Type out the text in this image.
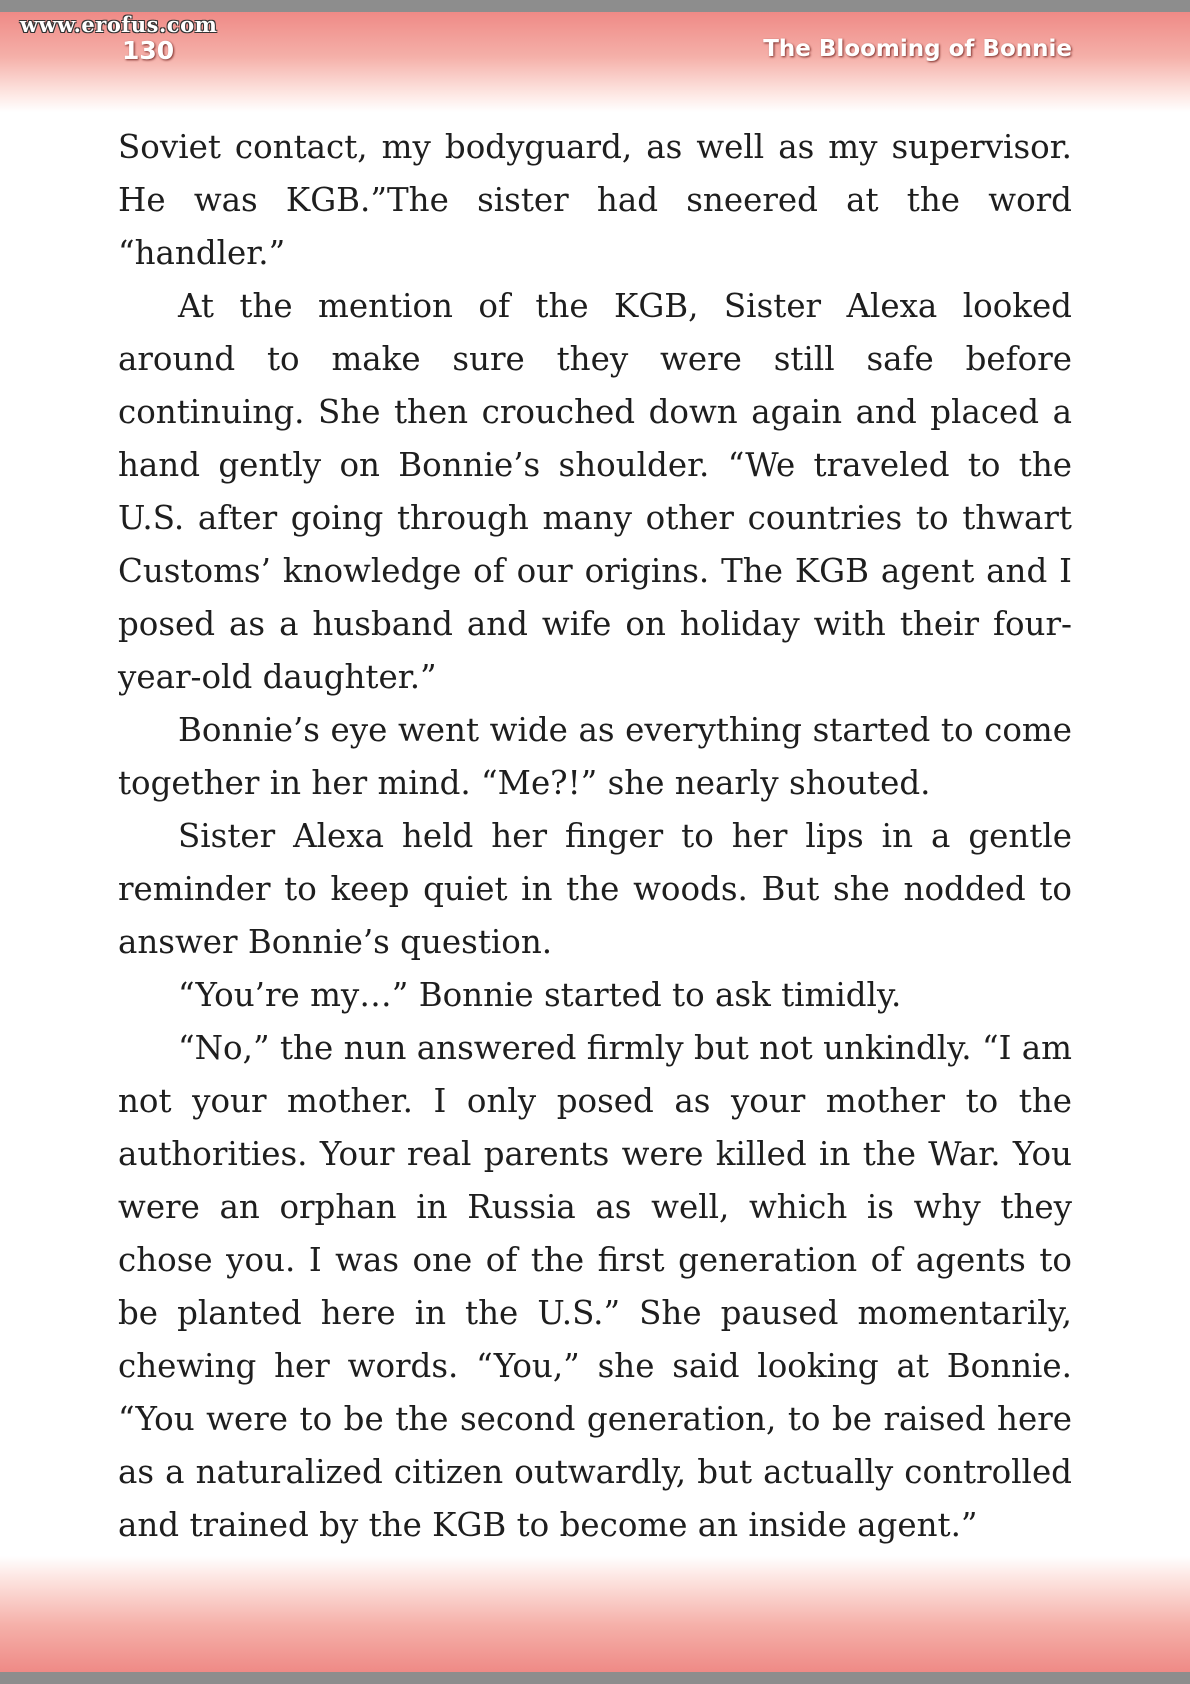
www.erofus.com
130	The Blooming of Bonnie

Soviet contact, my bodyguard, as well as my supervisor. He was KGB.”The sister had sneered at the word “handler.”

At the mention of the KGB, Sister Alexa looked around to make sure they were still safe before continuing. She then crouched down again and placed a hand gently on Bonnie’s shoulder. “We traveled to the U.S. after going through many other countries to thwart Customs’ knowledge of our origins. The KGB agent and I posed as a husband and wife on holiday with their four-year-old daughter.”

Bonnie’s eye went wide as everything started to come together in her mind. “Me?!” she nearly shouted.

Sister Alexa held her finger to her lips in a gentle reminder to keep quiet in the woods. But she nodded to answer Bonnie’s question.

“You’re my…” Bonnie started to ask timidly.

“No,” the nun answered firmly but not unkindly. “I am not your mother. I only posed as your mother to the authorities. Your real parents were killed in the War. You were an orphan in Russia as well, which is why they chose you. I was one of the first generation of agents to be planted here in the U.S.” She paused momentarily, chewing her words. “You,” she said looking at Bonnie. “You were to be the second generation, to be raised here as a naturalized citizen outwardly, but actually controlled and trained by the KGB to become an inside agent.”
